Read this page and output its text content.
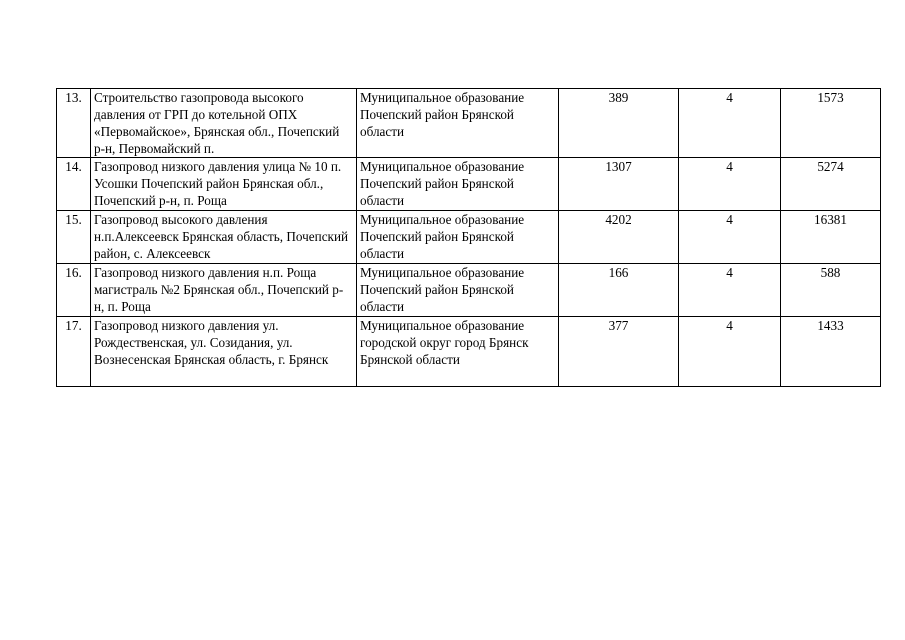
13.	Строительство газопровода высокого давления от ГРП до котельной ОПХ «Первомайское», Брянская обл., Почепский р-н, Первомайский п.	Муниципальное образование Почепский район Брянской области	389	4	1573
14.	Газопровод низкого давления улица № 10 п. Усошки Почепский район Брянская обл., Почепский р-н, п. Роща	Муниципальное образование Почепский район Брянской области	1307	4	5274
15.	Газопровод высокого давления н.п.Алексеевск Брянская область, Почепский район, с. Алексеевск	Муниципальное образование Почепский район Брянской области	4202	4	16381
16.	Газопровод низкого давления н.п. Роща магистраль №2 Брянская обл., Почепский р-н, п. Роща	Муниципальное образование Почепский район Брянской области	166	4	588
17.	Газопровод низкого давления ул. Рождественская, ул. Созидания, ул. Вознесенская Брянская область, г. Брянск	Муниципальное образование городской округ город Брянск Брянской области	377	4	1433
